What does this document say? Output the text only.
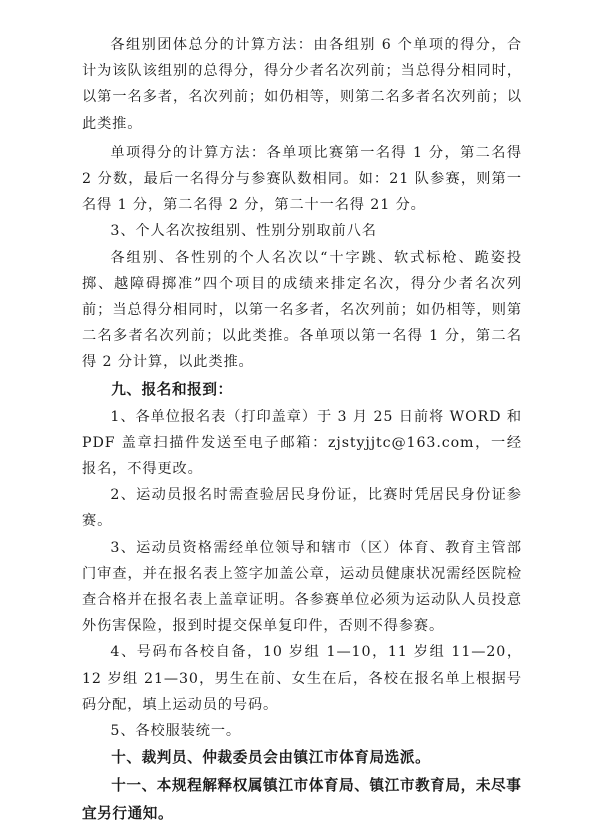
各组别团体总分的计算方法：由各组别 6 个单项的得分，合计为该队该组别的总得分，得分少者名次列前；当总得分相同时，以第一名多者，名次列前；如仍相等，则第二名多者名次列前；以此类推。

单项得分的计算方法：各单项比赛第一名得 1 分，第二名得 2 分数，最后一名得分与参赛队数相同。如：21 队参赛，则第一名得 1 分，第二名得 2 分，第二十一名得 21 分。

3、个人名次按组别、性别分别取前八名

各组别、各性别的个人名次以“十字跳、软式标枪、跪姿投掷、越障碍掷准”四个项目的成绩来排定名次，得分少者名次列前；当总得分相同时，以第一名多者，名次列前；如仍相等，则第二名多者名次列前；以此类推。各单项以第一名得 1 分，第二名得 2 分计算，以此类推。

九、报名和报到：

1、各单位报名表（打印盖章）于 3 月 25 日前将 WORD 和 PDF 盖章扫描件发送至电子邮箱：zjstyjjtc@163.com，一经报名，不得更改。

2、运动员报名时需查验居民身份证，比赛时凭居民身份证参赛。

3、运动员资格需经单位领导和辖市（区）体育、教育主管部门审查，并在报名表上签字加盖公章，运动员健康状况需经医院检查合格并在报名表上盖章证明。各参赛单位必须为运动队人员投意外伤害保险，报到时提交保单复印件，否则不得参赛。

4、号码布各校自备，10 岁组 1—10，11 岁组 11—20，12 岁组 21—30，男生在前、女生在后，各校在报名单上根据号码分配，填上运动员的号码。

5、各校服装统一。

十、裁判员、仲裁委员会由镇江市体育局选派。

十一、本规程解释权属镇江市体育局、镇江市教育局，未尽事宜另行通知。
